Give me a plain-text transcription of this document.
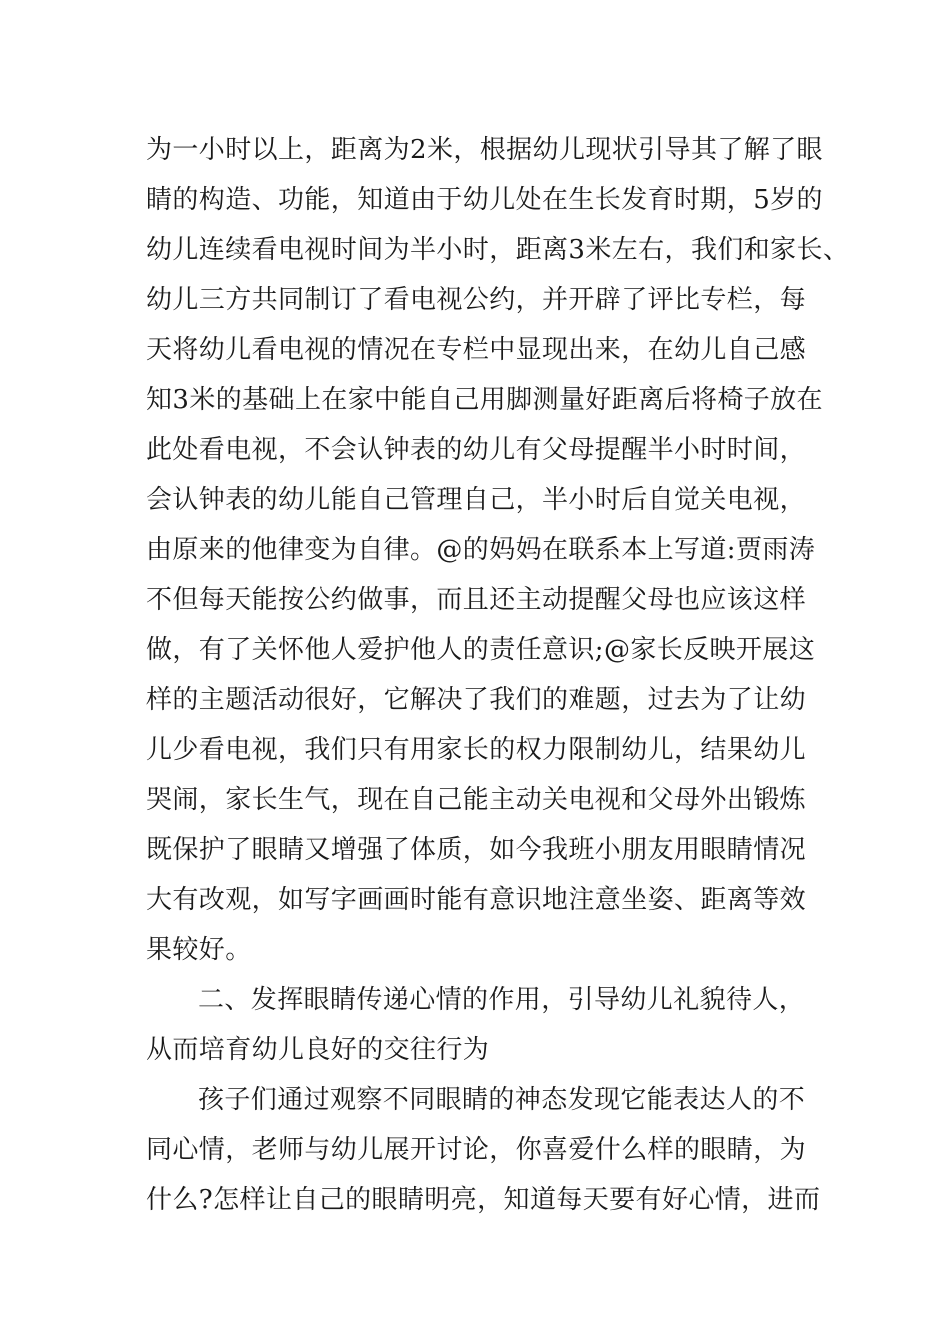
为一小时以上，距离为2米，根据幼儿现状引导其了解了眼
睛的构造、功能，知道由于幼儿处在生长发育时期，5岁的
幼儿连续看电视时间为半小时，距离3米左右，我们和家长、
幼儿三方共同制订了看电视公约，并开辟了评比专栏，每
天将幼儿看电视的情况在专栏中显现出来，在幼儿自己感
知3米的基础上在家中能自己用脚测量好距离后将椅子放在
此处看电视，不会认钟表的幼儿有父母提醒半小时时间，
会认钟表的幼儿能自己管理自己，半小时后自觉关电视，
由原来的他律变为自律。@的妈妈在联系本上写道:贾雨涛
不但每天能按公约做事，而且还主动提醒父母也应该这样
做，有了关怀他人爱护他人的责任意识;@家长反映开展这
样的主题活动很好，它解决了我们的难题，过去为了让幼
儿少看电视，我们只有用家长的权力限制幼儿，结果幼儿
哭闹，家长生气，现在自己能主动关电视和父母外出锻炼
既保护了眼睛又增强了体质，如今我班小朋友用眼睛情况
大有改观，如写字画画时能有意识地注意坐姿、距离等效
果较好。
二、发挥眼睛传递心情的作用，引导幼儿礼貌待人，
从而培育幼儿良好的交往行为
孩子们通过观察不同眼睛的神态发现它能表达人的不
同心情，老师与幼儿展开讨论，你喜爱什么样的眼睛，为
什么?怎样让自己的眼睛明亮，知道每天要有好心情，进而
